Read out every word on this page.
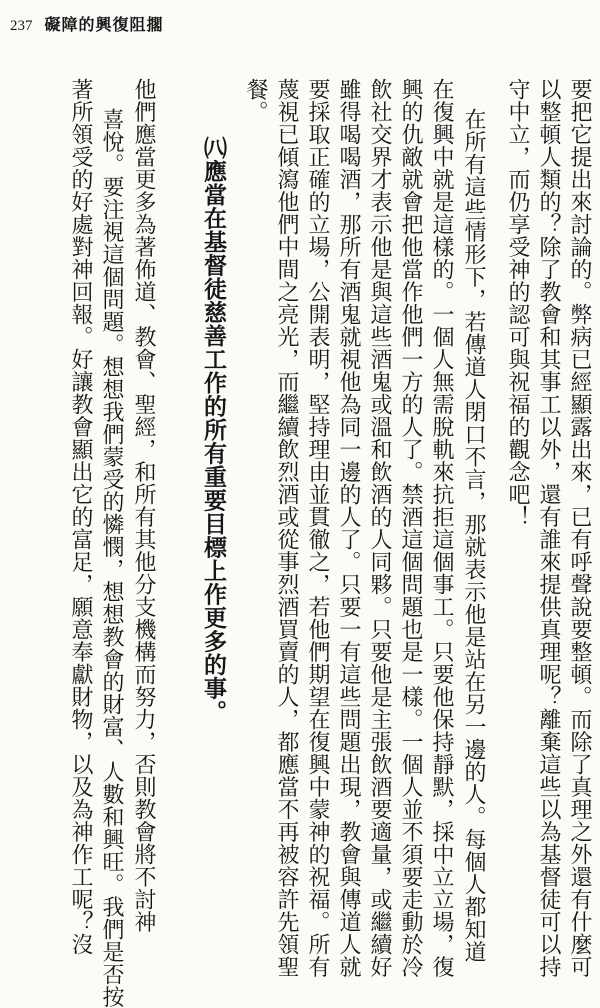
237 礙障的興復阻擱
要把它提出來討論的。弊病已經顯露出來，已有呼聲說要整頓。而除了真理之外還有什麼可
以整頓人類的？除了教會和其事工以外，還有誰來提供真理呢？離棄這些以為基督徒可以持
守中立，而仍享受神的認可與祝福的觀念吧！
在所有這些情形下，若傳道人閉口不言，那就表示他是站在另一邊的人。每個人都知道
在復興中就是這樣的。一個人無需脫軌來抗拒這個事工。只要他保持靜默，採中立立場，復
興的仇敵就會把他當作他們一方的人了。禁酒這個問題也是一樣。一個人並不須要走動於冷
飲社交界才表示他是與這些酒鬼或溫和飲酒的人同夥。只要他是主張飲酒要適量，或繼續好
雖得喝喝酒，那所有酒鬼就視他為同一邊的人了。只要一有這些問題出現，教會與傳道人就
要採取正確的立場，公開表明，堅持理由並貫徹之，若他們期望在復興中蒙神的祝福。所有
蔑視已傾瀉他們中間之亮光，而繼續飲烈酒或從事烈酒買賣的人，都應當不再被容許先領聖
餐。
㈧應當在基督徒慈善工作的所有重要目標上作更多的事。
他們應當更多為著佈道、教會、聖經，和所有其他分支機構而努力，否則教會將不討神
喜悅。要注視這個問題。想想我們蒙受的憐憫，想想教會的財富、人數和興旺。我們是否按
著所領受的好處對神回報。好讓教會顯出它的富足，願意奉獻財物，以及為神作工呢？沒
